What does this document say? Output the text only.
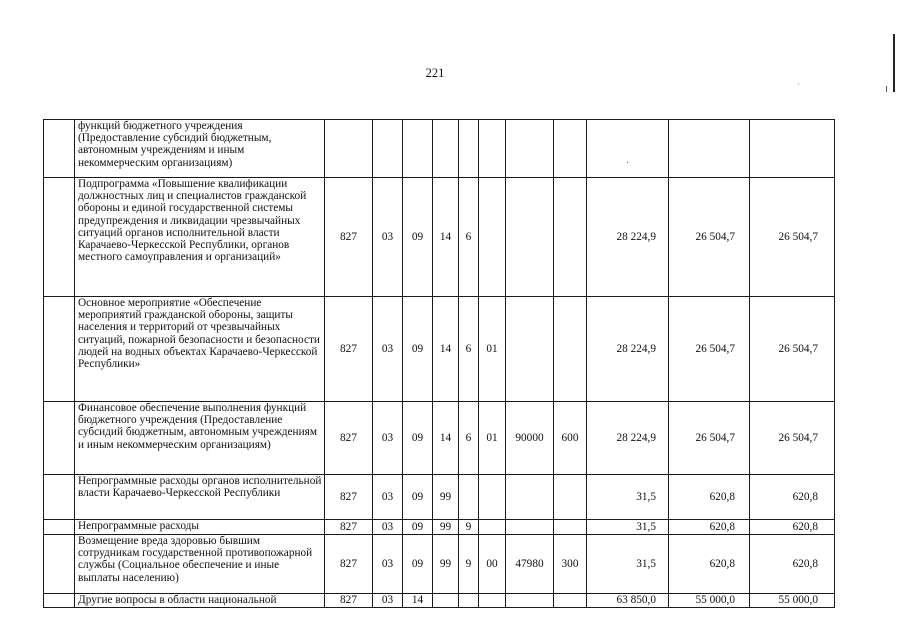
221
´
	функций бюджетного учреждения (Предоставление субсидий бюджетным, автономным учреждениям и иным некоммерческим организациям)									.		

	Подпрограмма «Повышение квалификации должностных лиц и специалистов гражданской обороны и единой государственной системы предупреждения и ликвидации чрезвычайных ситуаций органов исполнительной власти Карачаево-Черкесской Республики, органов местного самоуправления и организаций»	827	03	09	14	6				28 224,9	26 504,7	26 504,7
	Основное мероприятие «Обеспечение мероприятий гражданской обороны, защиты населения и территорий от чрезвычайных ситуаций, пожарной безопасности и безопасности людей на водных объектах Карачаево-Черкесской Республики»	827	03	09	14	6	01			28 224,9	26 504,7	26 504,7
	Финансовое обеспечение выполнения функций бюджетного учреждения (Предоставление субсидий бюджетным, автономным учреждениям и иным некоммерческим организациям)	827	03	09	14	6	01	90000	600	28 224,9	26 504,7	26 504,7
	Непрограммные расходы органов исполнительной власти Карачаево-Черкесской Республики	827	03	09	99					31,5	620,8	620,8
	Непрограммные расходы	827	03	09	99	9				31,5	620,8	620,8
	Возмещение вреда здоровью бывшим сотрудникам государственной противопожарной службы (Социальное обеспечение и иные выплаты населению)	827	03	09	99	9	00	47980	300	31,5	620,8	620,8
	Другие вопросы в области национальной	827	03	14						63 850,0	55 000,0	55 000,0
